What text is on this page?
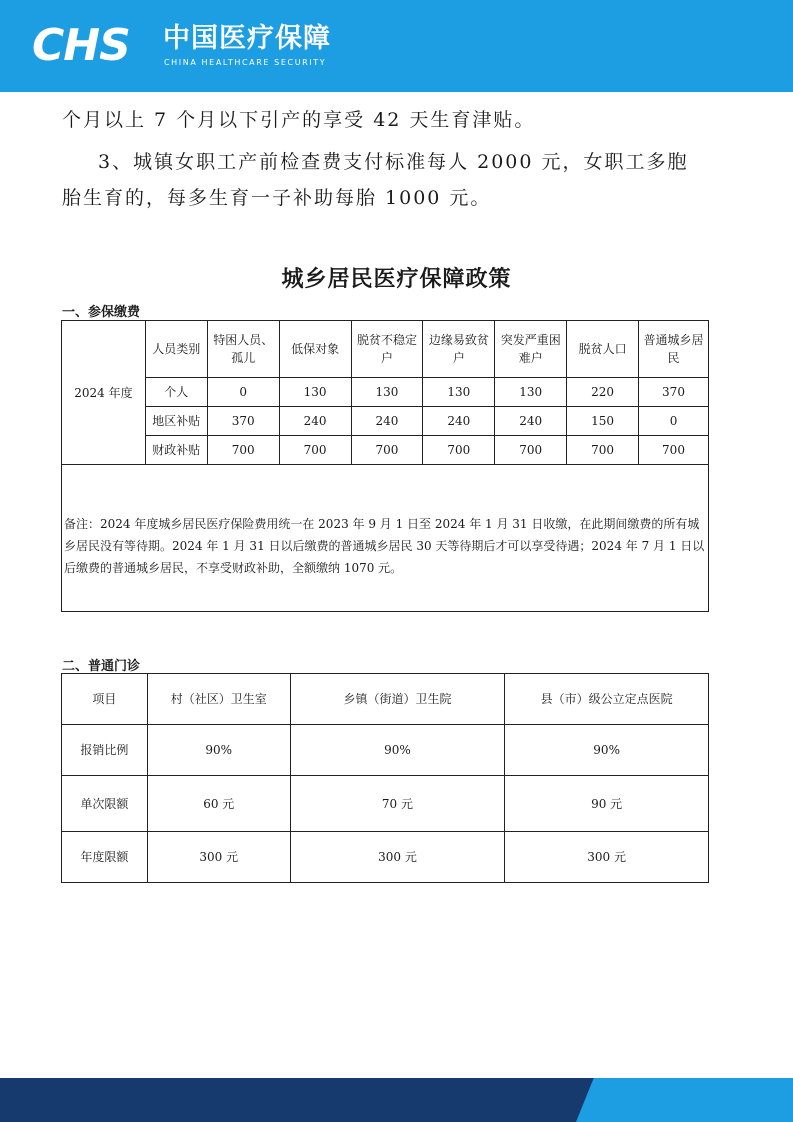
CHS 中国医疗保障
CHINA HEALTHCARE SECURITY

个月以上 7 个月以下引产的享受 42 天生育津贴。

3、城镇女职工产前检查费支付标准每人 2000 元，女职工多胞

胎生育的，每多生育一子补助每胎 1000 元。

城乡居民医疗保障政策
一、参保缴费
2024 年度	人员类别	特困人员、孤儿	低保对象	脱贫不稳定户	边缘易致贫户	突发严重困难户	脱贫人口	普通城乡居民
	个人	0	130	130	130	130	220	370
	地区补贴	370	240	240	240	240	150	0
	财政补贴	700	700	700	700	700	700	700
备注：2024 年度城乡居民医疗保险费用统一在 2023 年 9 月 1 日至 2024 年 1 月 31 日收缴，在此期间缴费的所有城乡居民没有等待期。2024 年 1 月 31 日以后缴费的普通城乡居民 30 天等待期后才可以享受待遇；2024 年 7 月 1 日以后缴费的普通城乡居民，不享受财政补助，全额缴纳 1070 元。								
二、普通门诊
项目	村（社区）卫生室	乡镇（街道）卫生院	县（市）级公立定点医院
报销比例	90%	90%	90%
单次限额	60 元	70 元	90 元
年度限额	300 元	300 元	300 元
